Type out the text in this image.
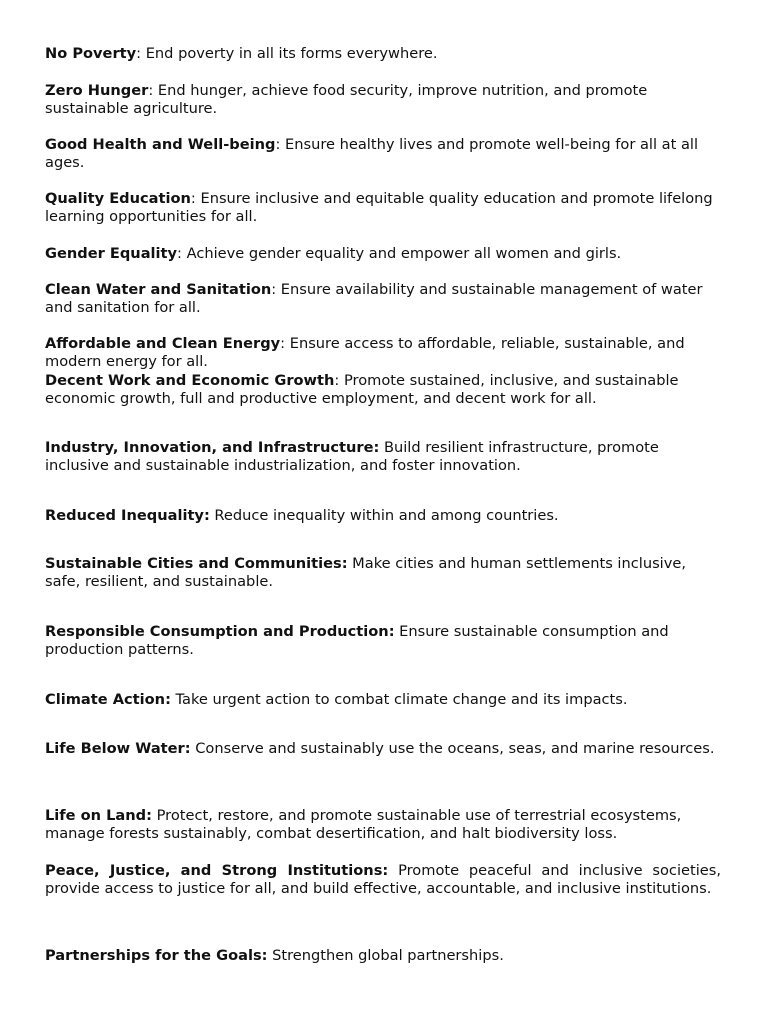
No Poverty: End poverty in all its forms everywhere.

Zero Hunger: End hunger, achieve food security, improve nutrition, and promote sustainable agriculture.

Good Health and Well-being: Ensure healthy lives and promote well-being for all at all ages.

Quality Education: Ensure inclusive and equitable quality education and promote lifelong learning opportunities for all.

Gender Equality: Achieve gender equality and empower all women and girls.

Clean Water and Sanitation: Ensure availability and sustainable management of water and sanitation for all.

Affordable and Clean Energy: Ensure access to affordable, reliable, sustainable, and modern energy for all.

Decent Work and Economic Growth: Promote sustained, inclusive, and sustainable economic growth, full and productive employment, and decent work for all.

Industry, Innovation, and Infrastructure: Build resilient infrastructure, promote inclusive and sustainable industrialization, and foster innovation.

Reduced Inequality: Reduce inequality within and among countries.

Sustainable Cities and Communities: Make cities and human settlements inclusive, safe, resilient, and sustainable.

Responsible Consumption and Production: Ensure sustainable consumption and production patterns.

Climate Action: Take urgent action to combat climate change and its impacts.

Life Below Water: Conserve and sustainably use the oceans, seas, and marine resources.

Life on Land: Protect, restore, and promote sustainable use of terrestrial ecosystems, manage forests sustainably, combat desertification, and halt biodiversity loss.

Peace, Justice, and Strong Institutions: Promote peaceful and inclusive societies, provide access to justice for all, and build effective, accountable, and inclusive institutions.

Partnerships for the Goals: Strengthen global partnerships.
